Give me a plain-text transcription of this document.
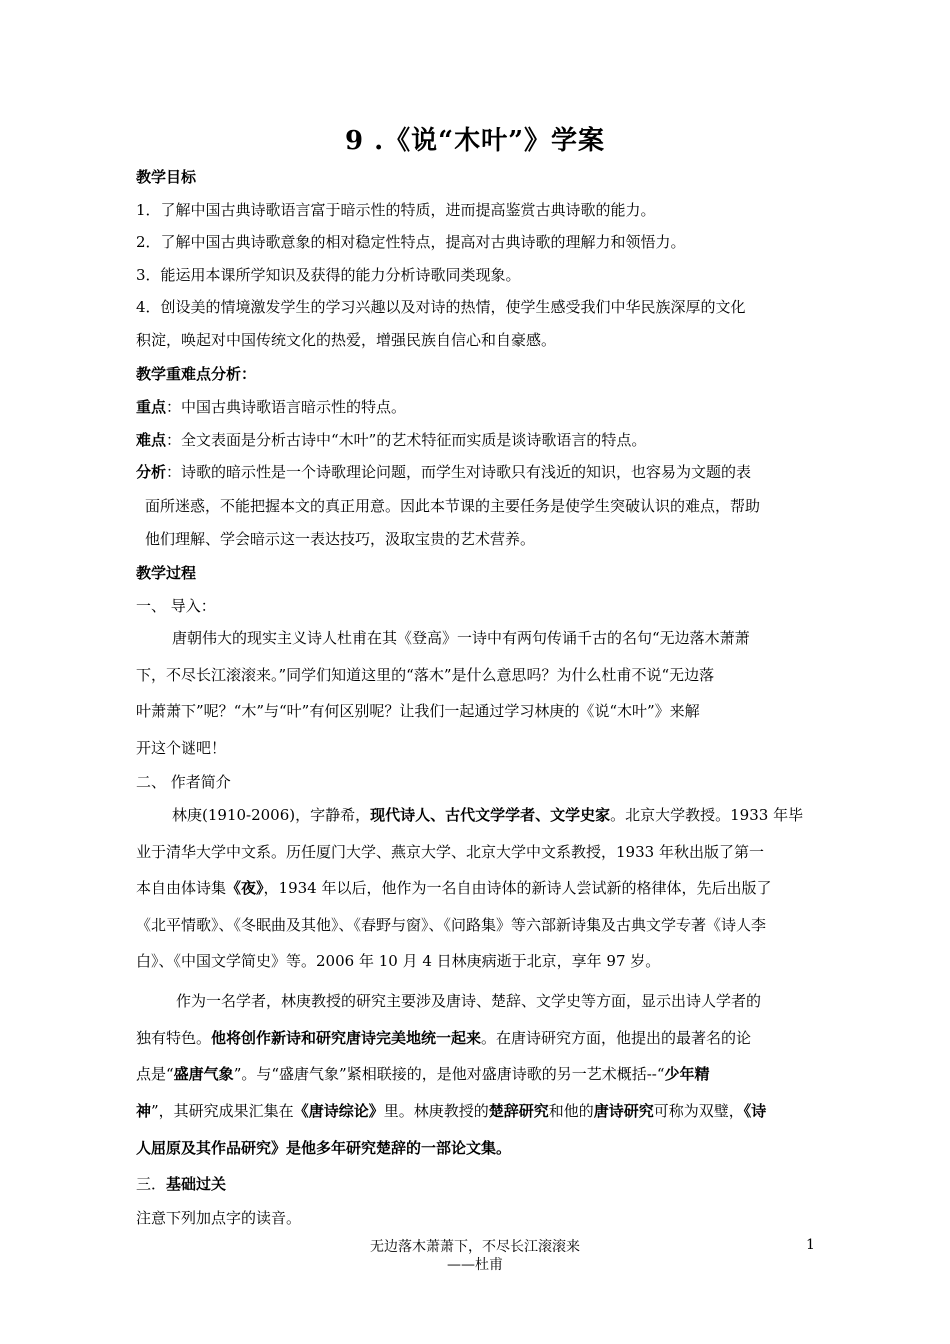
9 .《说“木叶”》学案
教学目标
1．了解中国古典诗歌语言富于暗示性的特质，进而提高鉴赏古典诗歌的能力。
2．了解中国古典诗歌意象的相对稳定性特点，提高对古典诗歌的理解力和领悟力。
3．能运用本课所学知识及获得的能力分析诗歌同类现象。
4．创设美的情境激发学生的学习兴趣以及对诗的热情，使学生感受我们中华民族深厚的文化
积淀，唤起对中国传统文化的热爱，增强民族自信心和自豪感。
教学重难点分析：
重点：中国古典诗歌语言暗示性的特点。
难点：全文表面是分析古诗中“木叶”的艺术特征而实质是谈诗歌语言的特点。
分析：诗歌的暗示性是一个诗歌理论问题，而学生对诗歌只有浅近的知识，也容易为文题的表
面所迷惑，不能把握本文的真正用意。因此本节课的主要任务是使学生突破认识的难点，帮助
他们理解、学会暗示这一表达技巧，汲取宝贵的艺术营养。
教学过程
一、 导入：
唐朝伟大的现实主义诗人杜甫在其《登高》一诗中有两句传诵千古的名句“无边落木萧萧
下，不尽长江滚滚来。”同学们知道这里的“落木”是什么意思吗？为什么杜甫不说“无边落
叶萧萧下”呢？“木”与“叶”有何区别呢？让我们一起通过学习林庚的《说“木叶”》来解
开这个谜吧！
二、 作者简介
林庚(1910-2006)，字静希，现代诗人、古代文学学者、文学史家。北京大学教授。1933 年毕
业于清华大学中文系。历任厦门大学、燕京大学、北京大学中文系教授，1933 年秋出版了第一
本自由体诗集《夜》，1934 年以后，他作为一名自由诗体的新诗人尝试新的格律体，先后出版了
《北平情歌》、《冬眠曲及其他》、《春野与窗》、《问路集》等六部新诗集及古典文学专著《诗人李
白》、《中国文学简史》等。2006 年 10 月 4 日林庚病逝于北京，享年 97 岁。
作为一名学者，林庚教授的研究主要涉及唐诗、楚辞、文学史等方面，显示出诗人学者的
独有特色。他将创作新诗和研究唐诗完美地统一起来。在唐诗研究方面，他提出的最著名的论
点是“盛唐气象”。与“盛唐气象”紧相联接的，是他对盛唐诗歌的另一艺术概括--“少年精
神”，其研究成果汇集在《唐诗综论》里。林庚教授的楚辞研究和他的唐诗研究可称为双璧，《诗
人屈原及其作品研究》是他多年研究楚辞的一部论文集。
三．基础过关
注意下列加点字的读音。
无边落木萧萧下，不尽长江滚滚来
——杜甫
1
